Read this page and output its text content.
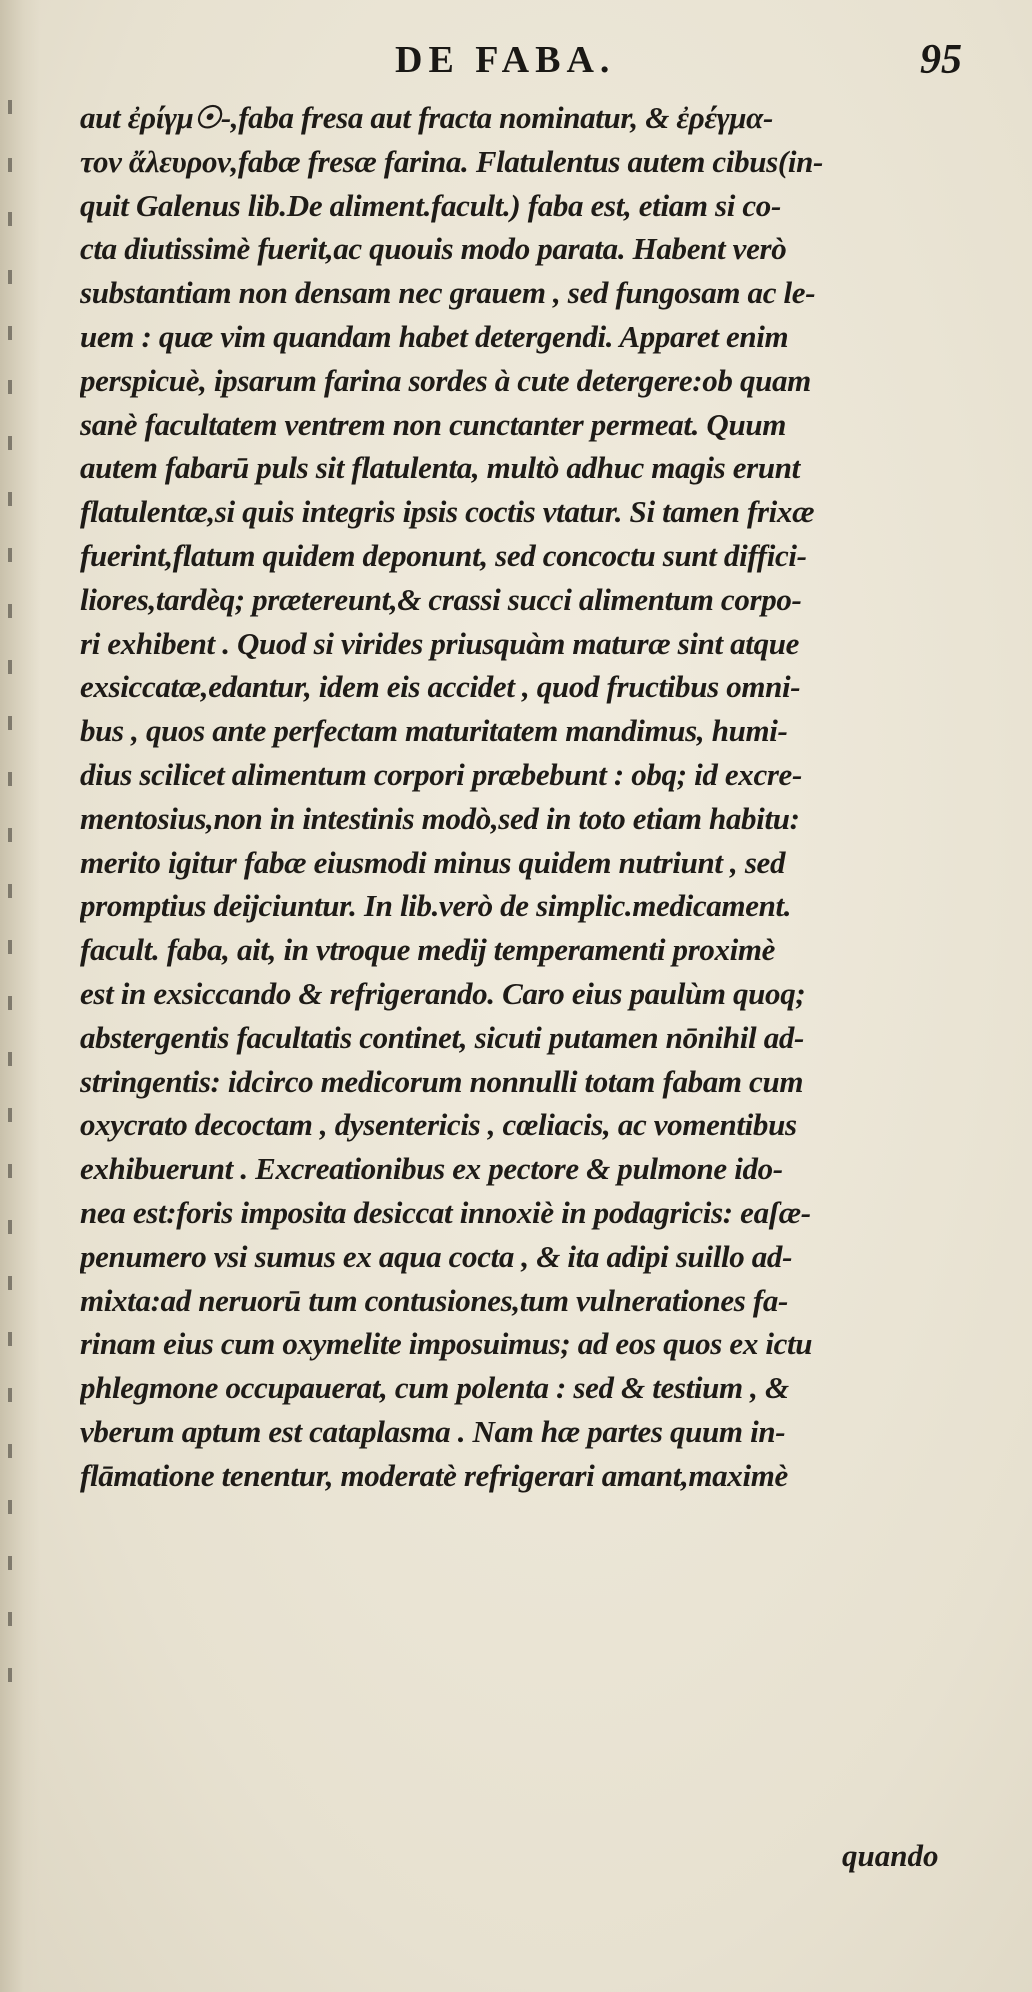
DE FABA.	95
aut ἐρίγμ☉-,faba fresa aut fracta nominatur, & ἐρέγμα-
τον ἄλευρον,fabæ fresæ farina. Flatulentus autem cibus(in-
quit Galenus lib.De aliment.facult.) faba est, etiam si co-
cta diutissimè fuerit,ac quouis modo parata. Habent verò
substantiam non densam nec grauem , sed fungosam ac le-
uem : quæ vim quandam habet detergendi. Apparet enim
perspicuè, ipsarum farina sordes à cute detergere:ob quam
sanè facultatem ventrem non cunctanter permeat. Quum
autem fabarū puls sit flatulenta, multò adhuc magis erunt
flatulentæ,si quis integris ipsis coctis vtatur. Si tamen frixæ
fuerint,flatum quidem deponunt, sed concoctu sunt diffici-
liores,tardèq; prætereunt,& crassi succi alimentum corpo-
ri exhibent . Quod si virides priusquàm maturæ sint atque
exsiccatæ,edantur, idem eis accidet , quod fructibus omni-
bus , quos ante perfectam maturitatem mandimus, humi-
dius scilicet alimentum corpori præbebunt : obq; id excre-
mentosius,non in intestinis modò,sed in toto etiam habitu:
merito igitur fabæ eiusmodi minus quidem nutriunt , sed
promptius deijciuntur. In lib.verò de simplic.medicament.
facult. faba, ait, in vtroque medij temperamenti proximè
est in exsiccando & refrigerando. Caro eius paulùm quoq;
abstergentis facultatis continet, sicuti putamen nōnihil ad-
stringentis: idcirco medicorum nonnulli totam fabam cum
oxycrato decoctam , dysentericis , cœliacis, ac vomentibus
exhibuerunt . Excreationibus ex pectore & pulmone ido-
nea est:foris imposita desiccat innoxiè in podagricis: eaſæ-
penumero vsi sumus ex aqua cocta , & ita adipi suillo ad-
mixta:ad neruorū tum contusiones,tum vulnerationes fa-
rinam eius cum oxymelite imposuimus; ad eos quos ex ictu
phlegmone occupauerat, cum polenta : sed & testium , &
vberum aptum est cataplasma . Nam hæ partes quum in-
flāmatione tenentur, moderatè refrigerari amant,maximè
quando
